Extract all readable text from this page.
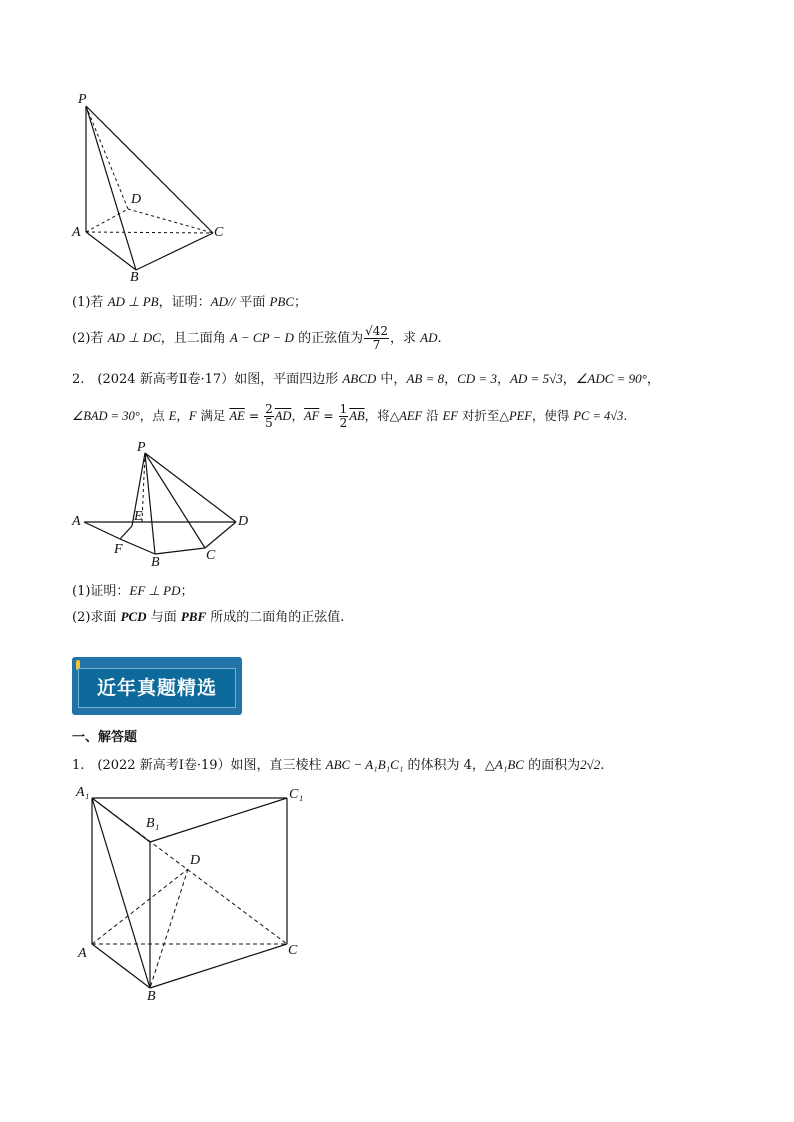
P
D
A	C
B
(1)若 AD ⊥ PB，证明：AD// 平面 PBC；
(2)若 AD ⊥ DC，且二面角 A − CP − D 的正弦值为 $\frac{√42}{7}$ ，求 AD.
2.　(2024 新高考Ⅱ卷·17）如图，平面四边形 ABCD 中，AB = 8，CD = 3，AD = 5√3，∠ADC = 90°，
∠BAD = 30°，点 E，F 满足 $\overline{AE} = \frac{2}{5} \overline{AD}$，$\overline{AF} = \frac{1}{2} \overline{AB}$，将△AEF 沿 EF 对折至△PEF，使得 PC = 4√3.
P
A	E	D
F
B	C
(1)证明：EF ⊥ PD；
(2)求面 PCD 与面 PBF 所成的二面角的正弦值.
近年真题精选
一、解答题
1.　(2022 新高考Ⅰ卷·19）如图，直三棱柱 ABC − A₁B₁C₁ 的体积为 4，△A₁BC 的面积为2√2.
A₁
B₁
C₁
D
A	C
B
